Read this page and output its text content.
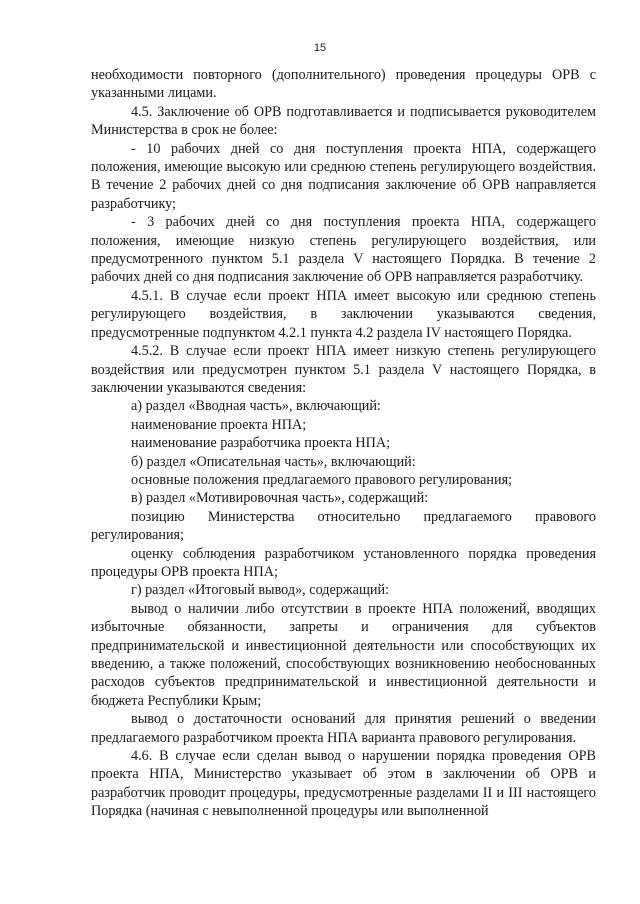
15

необходимости повторного (дополнительного) проведения процедуры ОРВ с указанными лицами.

4.5. Заключение об ОРВ подготавливается и подписывается руководителем Министерства в срок не более:

- 10 рабочих дней со дня поступления проекта НПА, содержащего положения, имеющие высокую или среднюю степень регулирующего воздействия. В течение 2 рабочих дней со дня подписания заключение об ОРВ направляется разработчику;

- 3 рабочих дней со дня поступления проекта НПА, содержащего положения, имеющие низкую степень регулирующего воздействия, или предусмотренного пунктом 5.1 раздела V настоящего Порядка. В течение 2 рабочих дней со дня подписания заключение об ОРВ направляется разработчику.

4.5.1. В случае если проект НПА имеет высокую или среднюю степень регулирующего воздействия, в заключении указываются сведения, предусмотренные подпунктом 4.2.1 пункта 4.2 раздела IV настоящего Порядка.

4.5.2. В случае если проект НПА имеет низкую степень регулирующего воздействия или предусмотрен пунктом 5.1 раздела V настоящего Порядка, в заключении указываются сведения:

а) раздел «Вводная часть», включающий:

наименование проекта НПА;

наименование разработчика проекта НПА;

б) раздел «Описательная часть», включающий:

основные положения предлагаемого правового регулирования;

в) раздел «Мотивировочная часть», содержащий:

позицию Министерства относительно предлагаемого правового регулирования;

оценку соблюдения разработчиком установленного порядка проведения процедуры ОРВ проекта НПА;

г) раздел «Итоговый вывод», содержащий:

вывод о наличии либо отсутствии в проекте НПА положений, вводящих избыточные обязанности, запреты и ограничения для субъектов предпринимательской и инвестиционной деятельности или способствующих их введению, а также положений, способствующих возникновению необоснованных расходов субъектов предпринимательской и инвестиционной деятельности и бюджета Республики Крым;

вывод о достаточности оснований для принятия решений о введении предлагаемого разработчиком проекта НПА варианта правового регулирования.

4.6. В случае если сделан вывод о нарушении порядка проведения ОРВ проекта НПА, Министерство указывает об этом в заключении об ОРВ и разработчик проводит процедуры, предусмотренные разделами II и III настоящего Порядка (начиная с невыполненной процедуры или выполненной
